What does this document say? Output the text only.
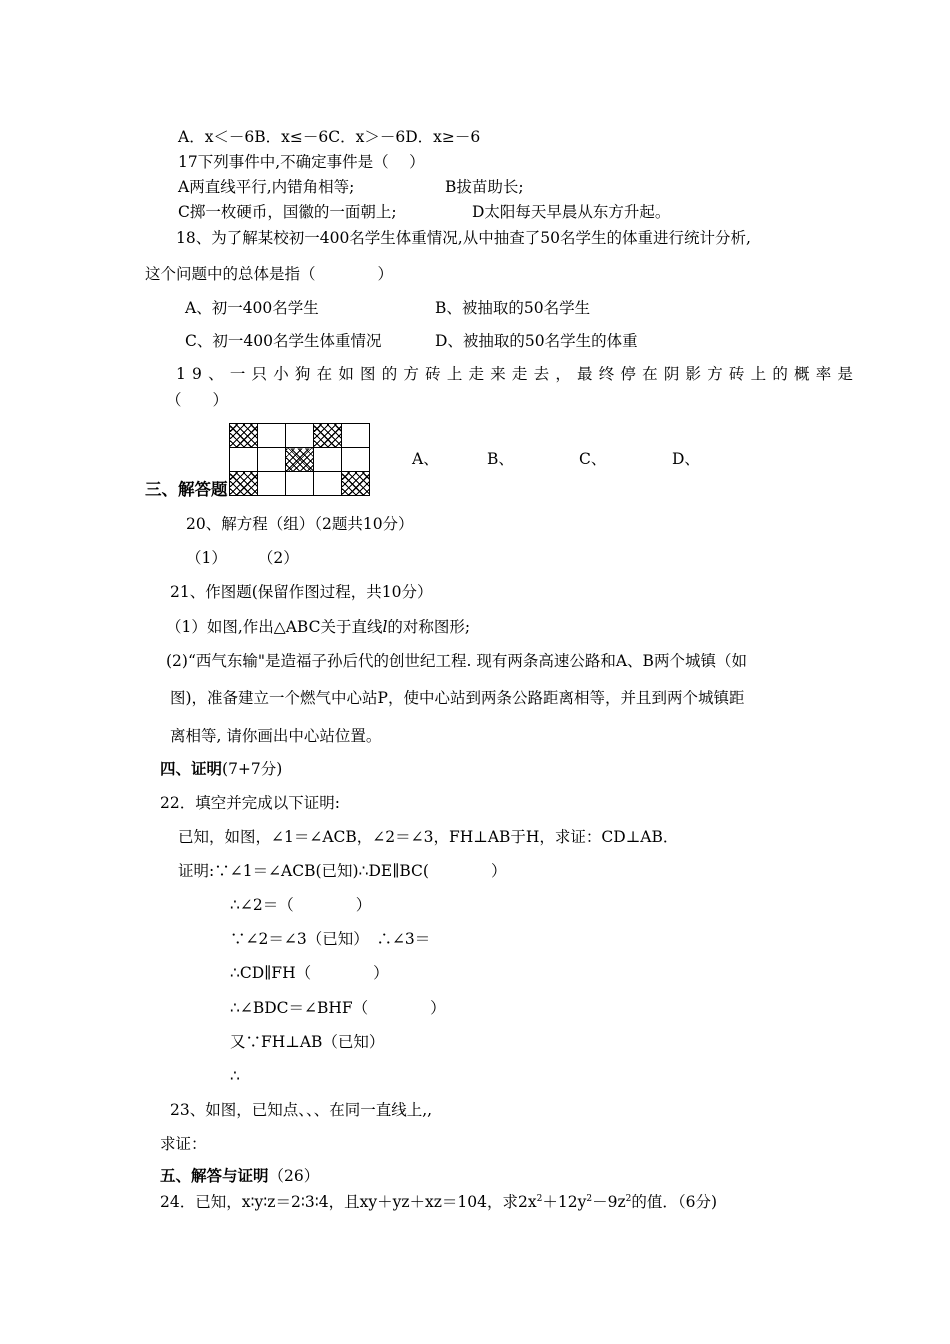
A．x＜－6B．x≤－6C．x＞－6D．x≥－6
17下列事件中,不确定事件是（　 ）
A两直线平行,内错角相等;	B拔苗助长;
C掷一枚硬币，国徽的一面朝上;	D太阳每天早晨从东方升起。
18、为了解某校初一400名学生体重情况,从中抽查了50名学生的体重进行统计分析,
这个问题中的总体是指（　　　　）
A、初一400名学生	B、被抽取的50名学生
C、初一400名学生体重情况	D、被抽取的50名学生的体重
19、一只小狗在如图的方砖上走来走去，最终停在阴影方砖上的概率是
（　　）

A、	B、	C、	D、
三、解答题
20、解方程（组）（2题共10分）
（1）　　　（2）
21、作图题(保留作图过程，共10分）
（1）如图,作出△ABC关于直线l的对称图形;
(2)“西气东输"是造福子孙后代的创世纪工程. 现有两条高速公路和A、B两个城镇（如
图)，准备建立一个燃气中心站P，使中心站到两条公路距离相等，并且到两个城镇距
离相等, 请你画出中心站位置。
四、证明(7+7分)
22．填空并完成以下证明:
已知，如图，∠1＝∠ACB，∠2＝∠3，FH⊥AB于H，求证：CD⊥AB．
证明:∵∠1＝∠ACB(已知)∴DE∥BC(　　　　）
∴∠2＝（　　　　）
∵∠2＝∠3（已知）　∴∠3＝
∴CD∥FH（　　　　）
∴∠BDC＝∠BHF（　　　　）
又∵FH⊥AB（已知）
∴
23、如图，已知点、、、在同一直线上,,
求证：
五、解答与证明（26）
24．已知，x∶y∶z＝2∶3∶4，且xy＋yz＋xz＝104，求$2x^2+12y^2-9z^2$的值．（6分)
